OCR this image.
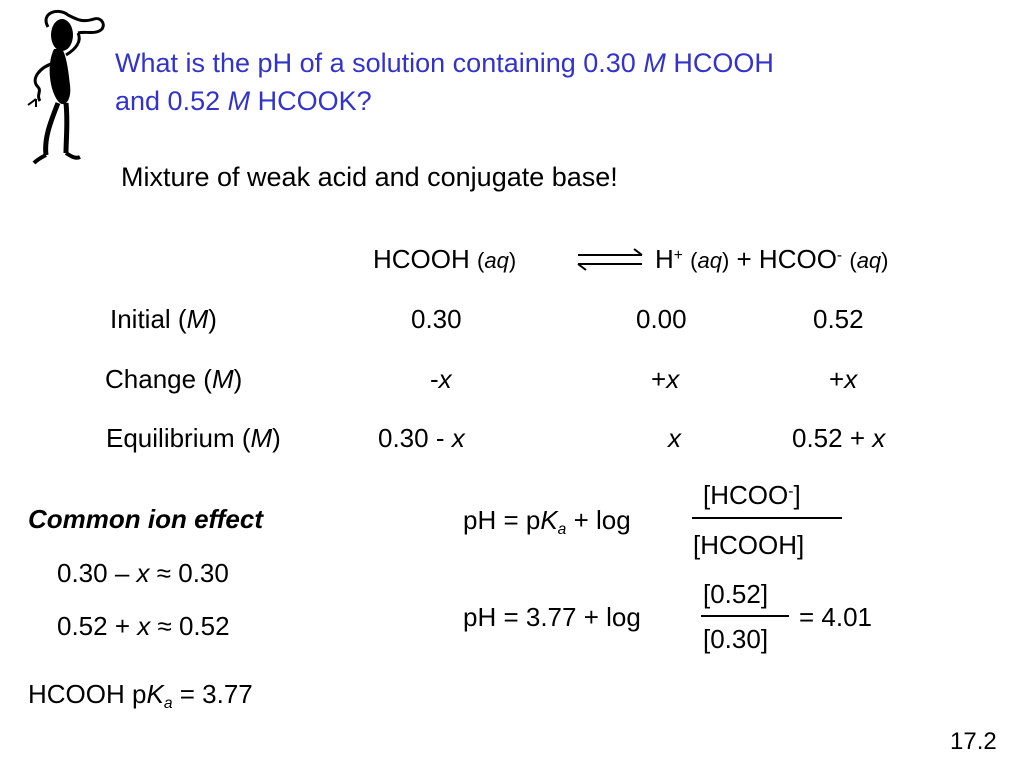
What is the pH of a solution containing 0.30 M HCOOH
and 0.52 M HCOOK?
Mixture of weak acid and conjugate base!
HCOOH (aq)	H+ (aq) + HCOO- (aq)
Initial (M)	0.30	0.00	0.52
Change (M)	-x	+x	+x
Equilibrium (M)	0.30 - x	x	0.52 + x
Common ion effect
0.30 – x ≈ 0.30
0.52 + x ≈ 0.52
HCOOH $pK_a = 3.77$
pH = $pK_a + \log$
[HCOO-]
[HCOOH]
pH = 3.77 + log
[0.52]
[0.30]
= 4.01
17.2
